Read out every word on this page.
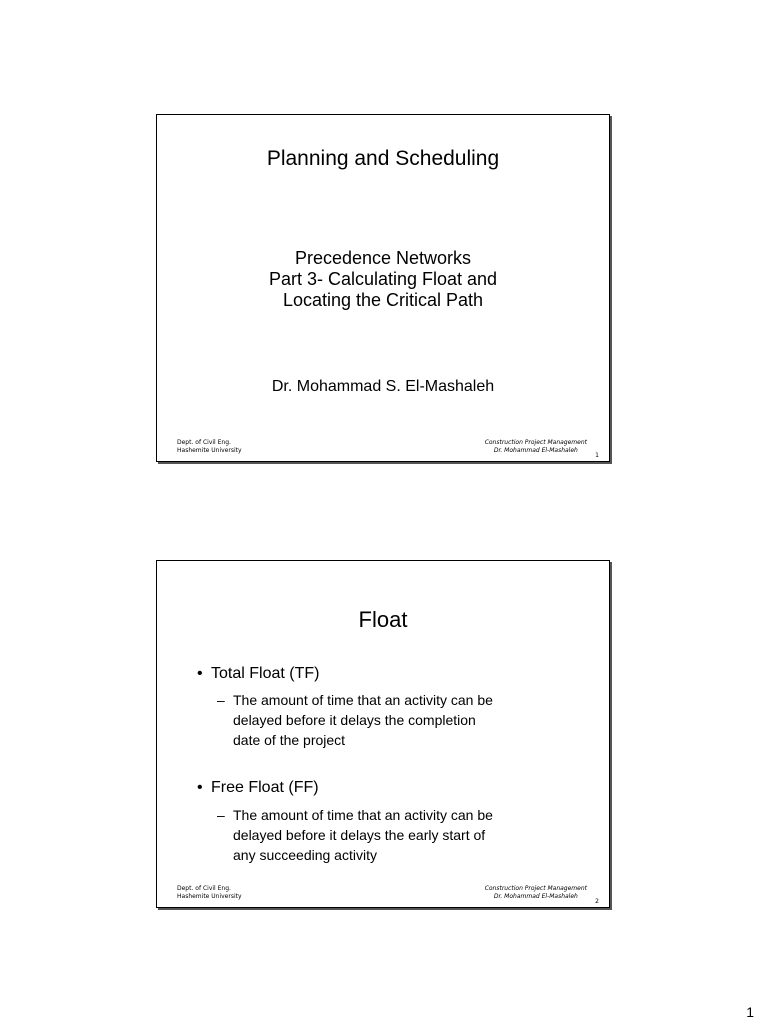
Planning and Scheduling
Precedence Networks
Part 3- Calculating Float and
Locating the Critical Path
Dr. Mohammad S. El-Mashaleh
Dept. of Civil Eng.
Hashemite University
Construction Project Management
Dr. Mohammad El-Mashaleh
1
Float
• Total Float (TF)
– The amount of time that an activity can be
delayed before it delays the completion
date of the project
• Free Float (FF)
– The amount of time that an activity can be
delayed before it delays the early start of
any succeeding activity
Dept. of Civil Eng.
Hashemite University
Construction Project Management
Dr. Mohammad El-Mashaleh
2
1
